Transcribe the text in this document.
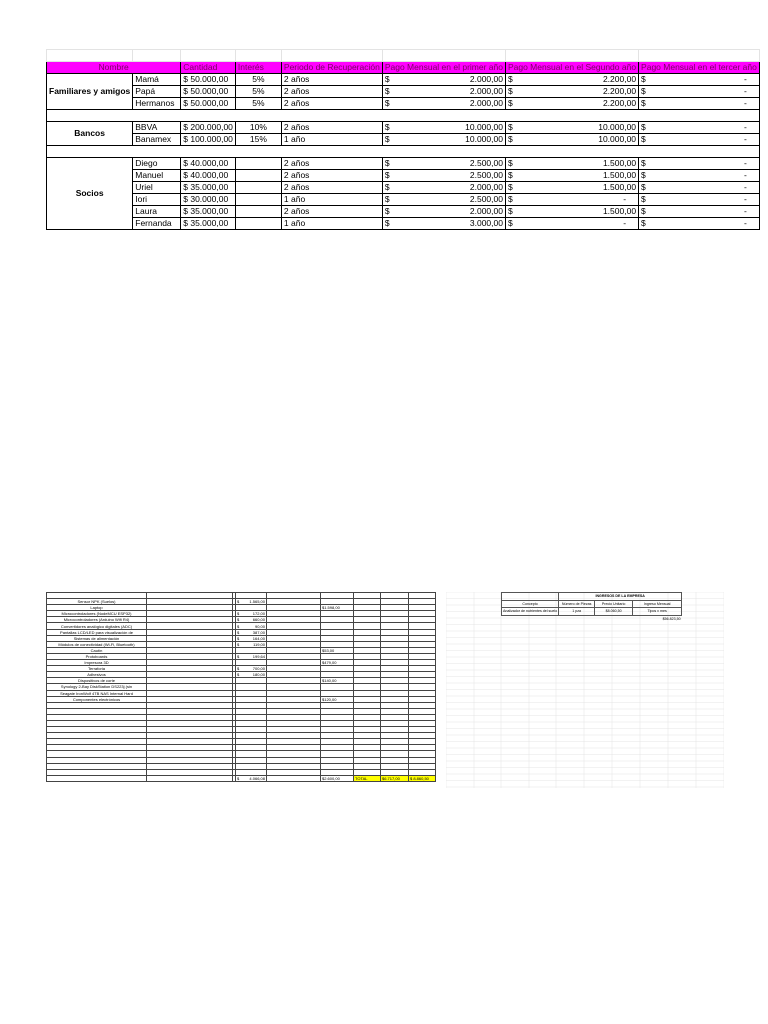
Nombre		Cantidad	Interés	Periodo de Recuperación	Pago Mensual en el primer año	Pago Mensual en el Segundo año	Pago Mensual en el tercer año
Familiares y amigos	Mamá	$ 50.000,00	5%	2 años	$ 2.000,00	$ 2.200,00	$ -

	Papá	$ 50.000,00	5%	2 años	$ 2.000,00	$ 2.200,00	$ -

	Hermanos	$ 50.000,00	5%	2 años	$ 2.000,00	$ 2.200,00	$ -

Bancos	BBVA	$ 200.000,00	10%	2 años	$ 10.000,00	$ 10.000,00	$ -

	Banamex	$ 100.000,00	15%	1 año	$ 10.000,00	$ 10.000,00	$ -

Socios	Diego	$ 40.000,00		2 años	$ 2.500,00	$ 1.500,00	$ -

	Manuel	$ 40.000,00		2 años	$ 2.500,00	$ 1.500,00	$ -

	Uriel	$ 35.000,00		2 años	$ 2.000,00	$ 1.500,00	$ -

	Iori	$ 30.000,00		1 año	$ 2.500,00	$ -	$ -

	Laura	$ 35.000,00		2 años	$ 2.000,00	$ 1.500,00	$ -

	Fernanda	$ 35.000,00		1 año	$ 3.000,00	$ -	$ -

Sensor NPK (Suelos)			$ 1.565,00					

Laptop					$1.598,00			
Microcontroladores (NodeMCU ESP32)			$ 172,00					

Microcontroladores (Arduino Wifi R4)			$ 660,00					

Convertidores analógico digitales (ADC)			$ 90,00					

Pantallas LCD/LED para visualización de			$ 387,00					

Sistemas de alimentación			$ 164,00					

Módulos de conectividad (Wi-Fi, Bluetooth)			$ 119,00					

Cautín					$53,00			
Protoboards			$ 199,64					

Impresora 3D					$479,00			
Terraforia			$ 700,00					

Adhesivos			$ 180,00					

Dispositivos de corte					$140,00			
Synology 2-Bay DiskStation DS223j (sin			

Seagate IronWolf 4TB NAS Internal Hard			

Componentes electrónicos					$120,00			

			$ 4.066,08		$2.600,00	TOTAL	$6.717,00	$ 8.860,50
	INGRESOS DE LA EMPRESA		
Concepto	Número de Piezas	Precio Unitario	Ingreso Mensual
Analizador de nutrientes del suelo	1 pza	$8.060,50	Tipos x mes
			$56.823,50
